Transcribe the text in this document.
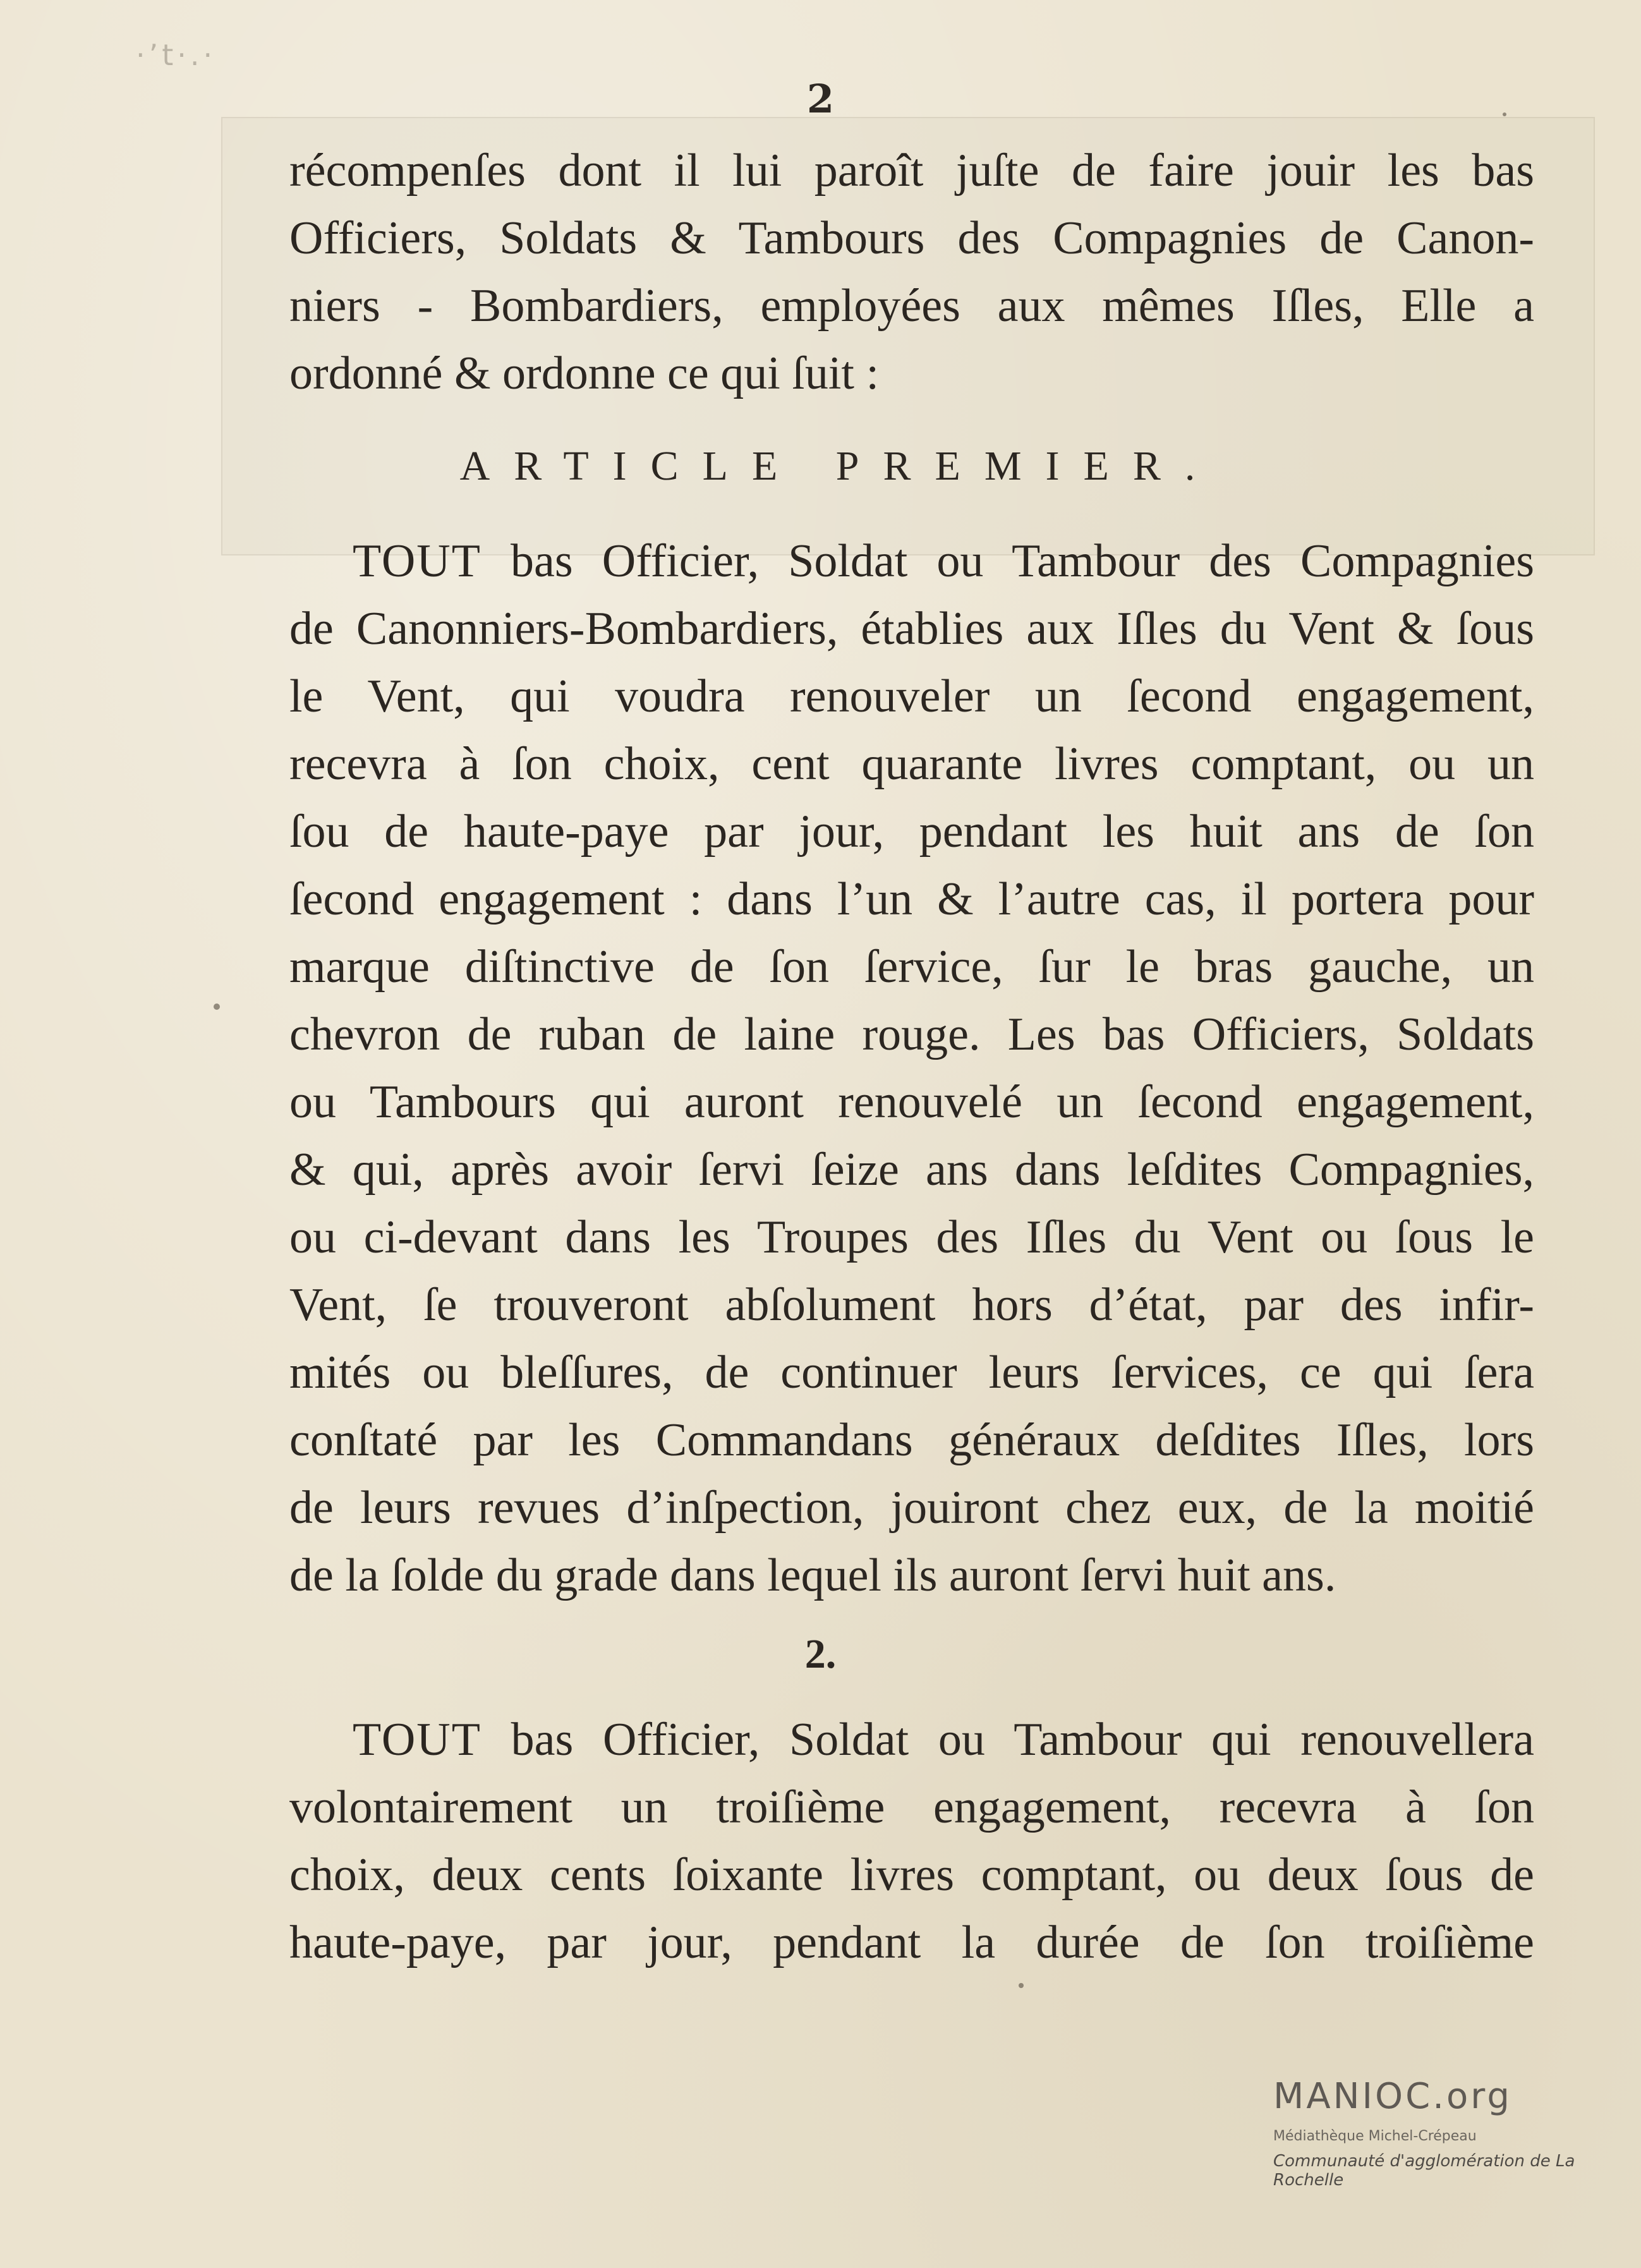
·’t·.·
2
récompenſes dont il lui paroît juſte de faire jouir les bas
Officiers, Soldats & Tambours des Compagnies de Canon-
niers - Bombardiers, employées aux mêmes Iſles, Elle a
ordonné & ordonne ce qui ſuit :
ARTICLE PREMIER.
TOUT bas Officier, Soldat ou Tambour des Compagnies
de Canonniers-Bombardiers, établies aux Iſles du Vent & ſous
le Vent, qui voudra renouveler un ſecond engagement,
recevra à ſon choix, cent quarante livres comptant, ou un
ſou de haute-paye par jour, pendant les huit ans de ſon
ſecond engagement : dans l’un & l’autre cas, il portera pour
marque diſtinctive de ſon ſervice, ſur le bras gauche, un
chevron de ruban de laine rouge. Les bas Officiers, Soldats
ou Tambours qui auront renouvelé un ſecond engagement,
& qui, après avoir ſervi ſeize ans dans leſdites Compagnies,
ou ci-devant dans les Troupes des Iſles du Vent ou ſous le
Vent, ſe trouveront abſolument hors d’état, par des infir-
mités ou bleſſures, de continuer leurs ſervices, ce qui ſera
conſtaté par les Commandans généraux deſdites Iſles, lors
de leurs revues d’inſpection, jouiront chez eux, de la moitié
de la ſolde du grade dans lequel ils auront ſervi huit ans.
2.
TOUT bas Officier, Soldat ou Tambour qui renouvellera
volontairement un troiſième engagement, recevra à ſon
choix, deux cents ſoixante livres comptant, ou deux ſous de
haute-paye, par jour, pendant la durée de ſon troiſième
MANIOC.org
Médiathèque Michel-Crépeau
Communauté d'agglomération de La Rochelle
